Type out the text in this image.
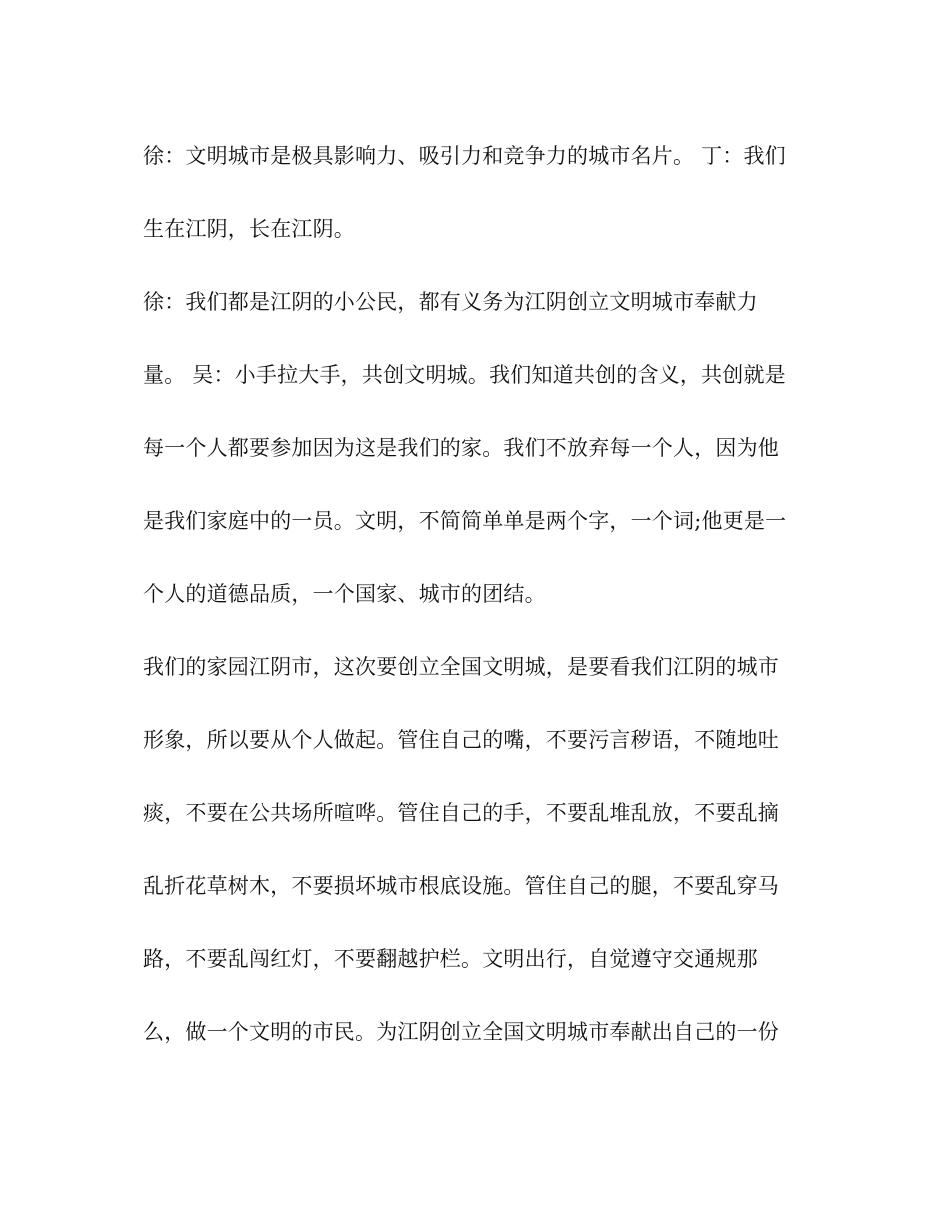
徐：文明城市是极具影响力、吸引力和竞争力的城市名片。 丁：我们
生在江阴，长在江阴。
徐：我们都是江阴的小公民，都有义务为江阴创立文明城市奉献力
量。 吴：小手拉大手，共创文明城。我们知道共创的含义，共创就是
每一个人都要参加因为这是我们的家。我们不放弃每一个人，因为他
是我们家庭中的一员。文明，不简简单单是两个字，一个词;他更是一
个人的道德品质，一个国家、城市的团结。
我们的家园江阴市，这次要创立全国文明城，是要看我们江阴的城市
形象，所以要从个人做起。管住自己的嘴，不要污言秽语，不随地吐
痰，不要在公共场所喧哗。管住自己的手，不要乱堆乱放，不要乱摘
乱折花草树木，不要损坏城市根底设施。管住自己的腿，不要乱穿马
路，不要乱闯红灯，不要翻越护栏。文明出行，自觉遵守交通规那
么，做一个文明的市民。为江阴创立全国文明城市奉献出自己的一份
